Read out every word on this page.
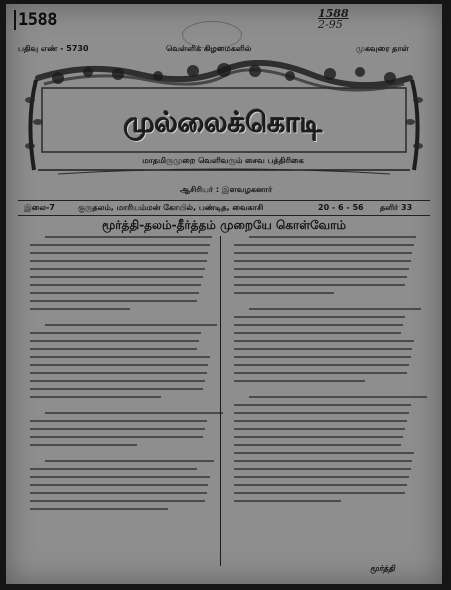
1588	1588
2-95
பதிவு எண் - 5730	வெள்ளிக் கிழமைகளில்	முகவுரை தாள்
முல்லைக்கொடி
மாதமிருமுறை வெளிவரும் சைவ பத்திரிகை
ஆசிரியர் : இளவழகனார்
இலை-7	குருதலம், மாரியம்மன் கோயில், பண்டித, வைகாசி	20 - 6 - 56 தளிர் 33
மூர்த்தி-தலம்-தீர்த்தம் முறையே கொள்வோம்
மூர்த்தி
